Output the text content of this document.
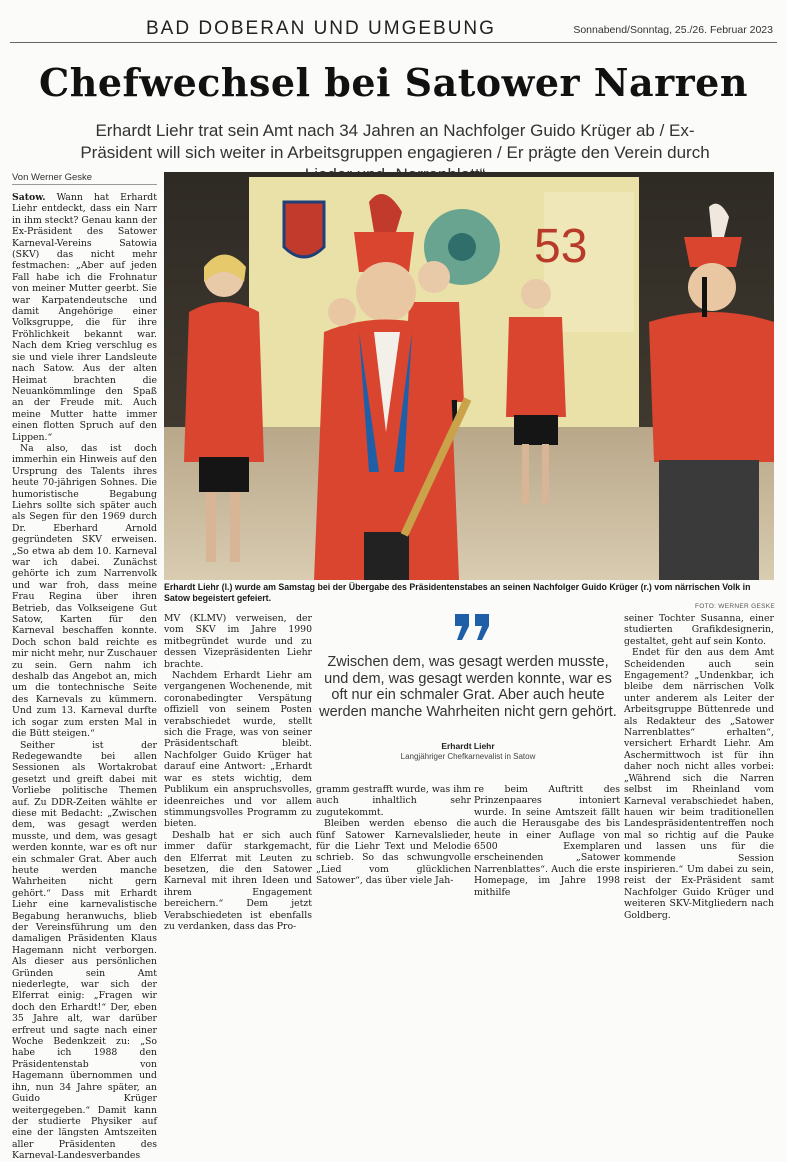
BAD DOBERAN UND UMGEBUNG	Sonnabend/Sonntag, 25./26. Februar 2023
Chefwechsel bei Satower Narren
Erhardt Liehr trat sein Amt nach 34 Jahren an Nachfolger Guido Krüger ab / Ex-Präsident will sich weiter in Arbeitsgruppen engagieren / Er prägte den Verein durch
Von Werner Geske

Satow. Wann hat Erhardt Liehr entdeckt, dass ein Narr in ihm steckt? Genau kann der Ex-Präsident des Satower Karneval-Vereins Satowia (SKV) das nicht mehr festmachen: „Aber auf jeden Fall habe ich die Frohnatur von meiner Mutter geerbt. Sie war Karpatendeutsche und damit Angehörige einer Volksgruppe, die für ihre Fröhlichkeit bekannt war. Nach dem Krieg verschlug es sie und viele ihrer Landsleute nach Satow. Aus der alten Heimat brachten die Neuankömmlinge den Spaß an der Freude mit. Auch meine Mutter hatte immer einen flotten Spruch auf den Lippen.“

Na also, das ist doch immerhin ein Hinweis auf den Ursprung des Talents ihres heute 70-jährigen Sohnes. Die humoristische Begabung Liehrs sollte sich später auch als Segen für den 1969 durch Dr. Eberhard Arnold gegründeten SKV erweisen. „So etwa ab dem 10. Karneval war ich dabei. Zunächst gehörte ich zum Narrenvolk und war froh, dass meine Frau Regina über ihren Betrieb, das Volkseigene Gut Satow, Karten für den Karneval beschaffen konnte. Doch schon bald reichte es mir nicht mehr, nur Zuschauer zu sein. Gern nahm ich deshalb das Angebot an, mich um die tontechnische Seite des Karnevals zu kümmern. Und zum 13. Karneval durfte ich sogar zum ersten Mal in die Bütt steigen.“

Seither ist der Redegewandte bei allen Sessionen als Wortakrobat gesetzt und greift dabei mit Vorliebe politische Themen auf. Zu DDR-Zeiten wählte er diese mit Bedacht: „Zwischen dem, was gesagt werden musste, und dem, was gesagt werden konnte, war es oft nur ein schmaler Grat. Aber auch heute werden manche Wahrheiten nicht gern gehört.“ Dass mit Erhardt Liehr eine karnevalistische Begabung heranwuchs, blieb der Vereinsführung um den damaligen Präsidenten Klaus Hagemann nicht verborgen. Als dieser aus persönlichen Gründen sein Amt niederlegte, war sich der Elferrat einig: „Fragen wir doch den Erhardt!“ Der, eben 35 Jahre alt, war darüber erfreut und sagte nach einer Woche Bedenkzeit zu: „So habe ich 1988 den Präsidentenstab von Hagemann übernommen und ihn, nun 34 Jahre später, an Guido Krüger weitergegeben.“ Damit kann der studierte Physiker auf eine der längsten Amtszeiten aller Präsidenten des Karneval-Landesverbandes

53
Erhardt Liehr (l.) wurde am Samstag bei der Übergabe des Präsidentenstabes an seinen Nachfolger Guido Krüger (r.) vom närrischen Volk in Satow begeistert gefeiert.
FOTO: WERNER GESKE

MV (KLMV) verweisen, der vom SKV im Jahre 1990 mitbegründet wurde und zu dessen Vizepräsidenten Liehr brachte.

Nachdem Erhardt Liehr am vergangenen Wochenende, mit coronabedingter Verspätung offiziell von seinem Posten verabschiedet wurde, stellt sich die Frage, was von seiner Präsidentschaft bleibt. Nachfolger Guido Krüger hat darauf eine Antwort: „Erhardt war es stets wichtig, dem Publikum ein anspruchsvolles, ideenreiches und vor allem stimmungsvolles Programm zu bieten.

Deshalb hat er sich auch immer dafür starkgemacht, den Elferrat mit Leuten zu besetzen, die den Satower Karneval mit ihren Ideen und ihrem Engagement bereichern.“ Dem jetzt Verabschiedeten ist ebenfalls zu verdanken, dass das Pro-

Zwischen dem, was gesagt werden musste, und dem, was gesagt werden konnte, war es oft nur ein schmaler Grat. Aber auch heute werden manche Wahrheiten nicht gern gehört.
Erhardt Liehr
Langjähriger Chefkarnevalist in Satow

gramm gestrafft wurde, was ihm auch inhaltlich sehr zugutekommt.

Bleiben werden ebenso die fünf Satower Karnevalslieder, für die Liehr Text und Melodie schrieb. So das schwungvolle „Lied vom glücklichen Satower“, das über viele Jah-

re beim Auftritt des Prinzenpaares intoniert wurde. In seine Amtszeit fällt auch die Herausgabe des bis heute in einer Auflage von 6500 Exemplaren erscheinenden „Satower Narrenblattes“. Auch die erste Homepage, im Jahre 1998 mithilfe

seiner Tochter Susanna, einer studierten Grafikdesignerin, gestaltet, geht auf sein Konto.

Endet für den aus dem Amt Scheidenden auch sein Engagement? „Undenkbar, ich bleibe dem närrischen Volk unter anderem als Leiter der Arbeitsgruppe Büttenrede und als Redakteur des „Satower Narrenblattes“ erhalten“, versichert Erhardt Liehr. Am Aschermittwoch ist für ihn daher noch nicht alles vorbei: „Während sich die Narren selbst im Rheinland vom Karneval verabschiedet haben, hauen wir beim traditionellen Landespräsidententreffen noch mal so richtig auf die Pauke und lassen uns für die kommende Session inspirieren.“ Um dabei zu sein, reist der Ex-Präsident samt Nachfolger Guido Krüger und weiteren SKV-Mitgliedern nach Goldberg.
